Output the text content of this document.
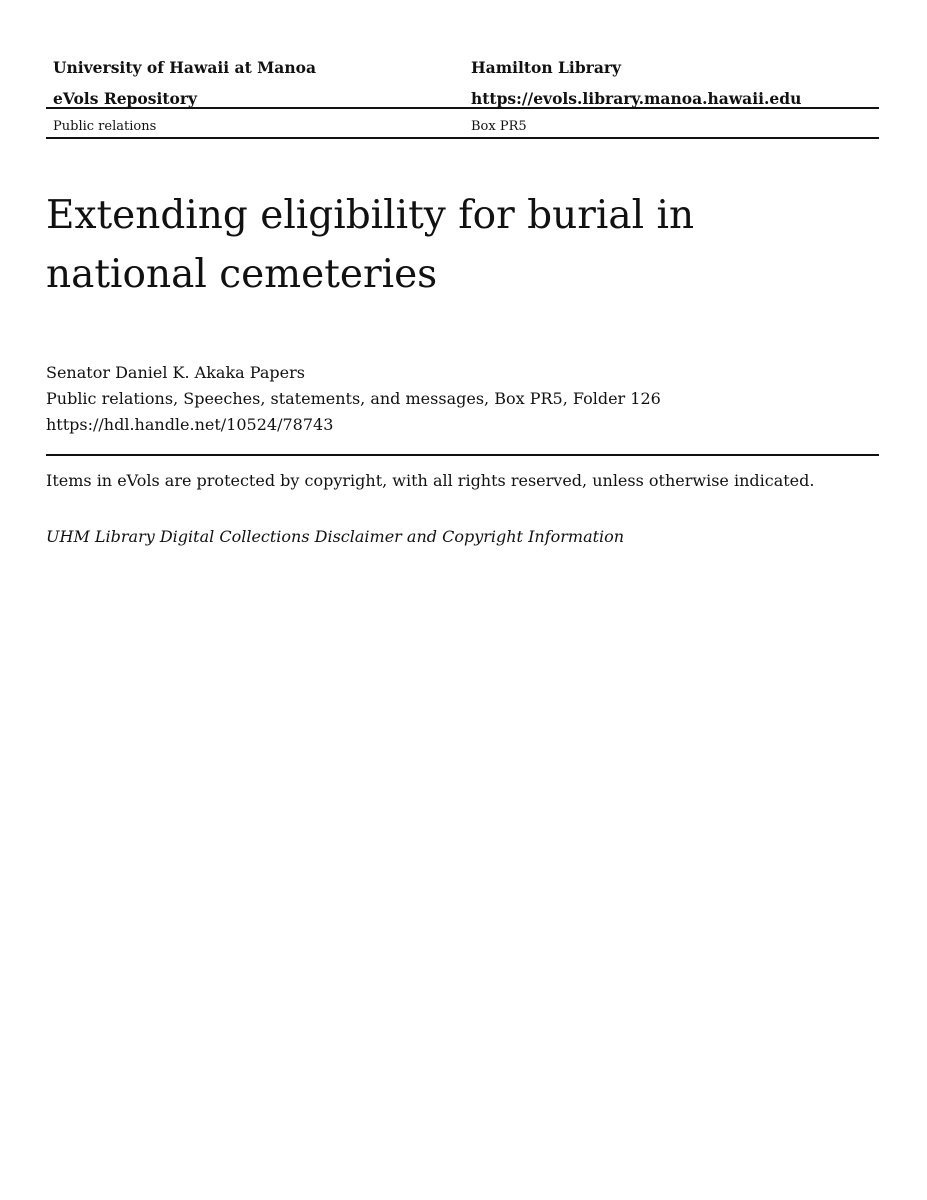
University of Hawaii at Manoa	Hamilton Library
eVols Repository	https://evols.library.manoa.hawaii.edu
Public relations	Box PR5
Extending eligibility for burial in national cemeteries
Senator Daniel K. Akaka Papers
Public relations, Speeches, statements, and messages, Box PR5, Folder 126
https://hdl.handle.net/10524/78743
Items in eVols are protected by copyright, with all rights reserved, unless otherwise indicated.
UHM Library Digital Collections Disclaimer and Copyright Information
